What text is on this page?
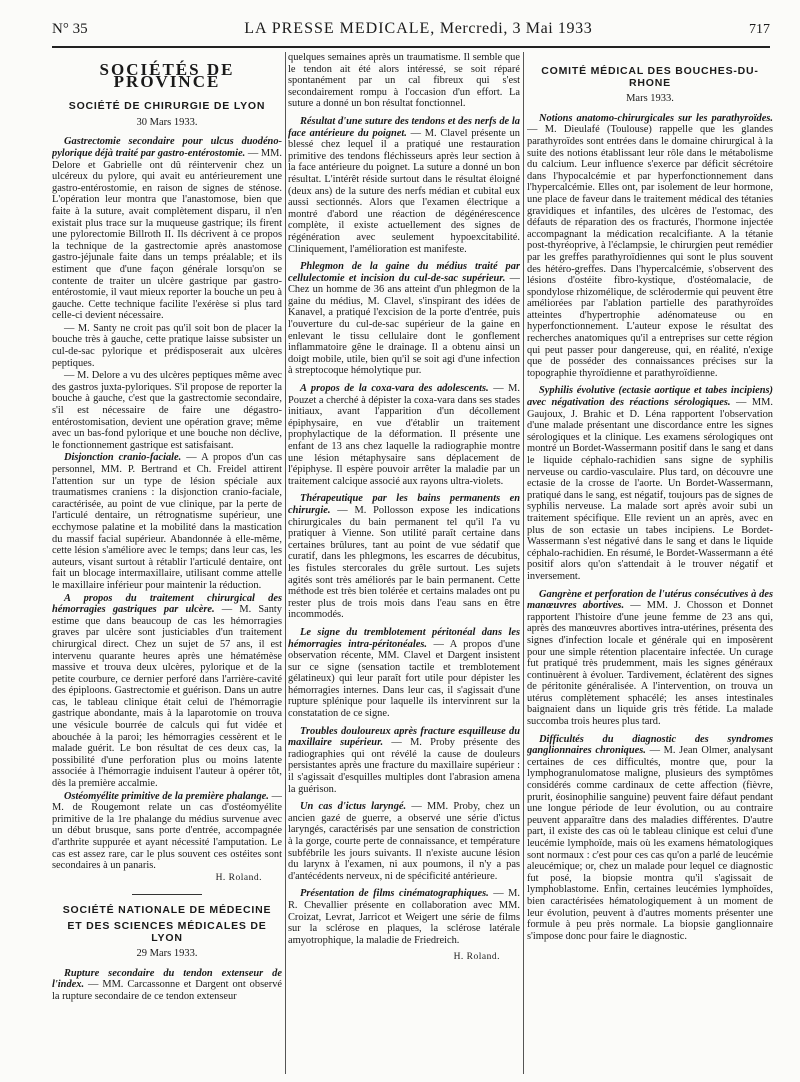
N° 35	LA PRESSE MEDICALE, Mercredi, 3 Mai 1933	717
SOCIÉTÉS DE PROVINCE
SOCIÉTÉ DE CHIRURGIE DE LYON
30 Mars 1933.

Gastrectomie secondaire pour ulcus duodéno-pylorique déjà traité par gastro-entérostomie. — MM. Delore et Gabrielle ont dû réintervenir chez un ulcéreux du pylore, qui avait eu antérieurement une gastro-entérostomie, en raison de signes de sténose. L'opération leur montra que l'anastomose, bien que faite à la suture, avait complètement disparu, il n'en existait plus trace sur la muqueuse gastrique; ils firent une pylorectomie Billroth II. Ils décrivent à ce propos la technique de la gastrectomie après anastomose gastro-jéjunale faite dans un temps préalable; et ils estiment que d'une façon générale lorsqu'on se contente de traiter un ulcère gastrique par gastro-entérostomie, il vaut mieux reporter la bouche un peu à gauche. Cette technique facilite l'exérèse si plus tard celle-ci devient nécessaire.

— M. Santy ne croit pas qu'il soit bon de placer la bouche très à gauche, cette pratique laisse subsister un cul-de-sac pylorique et prédisposerait aux ulcères peptiques.

— M. Delore a vu des ulcères peptiques même avec des gastros juxta-pyloriques. S'il propose de reporter la bouche à gauche, c'est que la gastrectomie secondaire, s'il est nécessaire de faire une dégastro-entérostomisation, devient une opération grave; même avec un bas-fond pylorique et une bouche non déclive, le fonctionnement gastrique est satisfaisant.

Disjonction cranio-faciale. — A propos d'un cas personnel, MM. P. Bertrand et Ch. Freidel attirent l'attention sur un type de lésion spéciale aux traumatismes craniens : la disjonction cranio-faciale, caractérisée, au point de vue clinique, par la perte de l'articulé dentaire, un rétrognatisme supérieur, une ecchymose palatine et la mobilité dans la mastication du massif facial supérieur. Abandonnée à elle-même, cette lésion s'améliore avec le temps; dans leur cas, les auteurs, visant surtout à rétablir l'articulé dentaire, ont fait un blocage intermaxillaire, utilisant comme attelle le maxillaire inférieur pour maintenir la réduction.

A propos du traitement chirurgical des hémorragies gastriques par ulcère. — M. Santy estime que dans beaucoup de cas les hémorragies graves par ulcère sont justiciables d'un traitement chirurgical direct. Chez un sujet de 57 ans, il est intervenu quarante heures après une hématémèse massive et trouva deux ulcères, pylorique et de la petite courbure, ce dernier perforé dans l'arrière-cavité des épiploons. Gastrectomie et guérison. Dans un autre cas, le tableau clinique était celui de l'hémorragie gastrique abondante, mais à la laparotomie on trouva une vésicule bourrée de calculs qui fut vidée et abouchée à la paroi; les hémorragies cessèrent et le malade guérit. Le bon résultat de ces deux cas, la possibilité d'une perforation plus ou moins latente associée à l'hémorragie induisent l'auteur à opérer tôt, dès la première accalmie.

Ostéomyélite primitive de la première phalange. — M. de Rougemont relate un cas d'ostéomyélite primitive de la 1re phalange du médius survenue avec un début brusque, sans porte d'entrée, accompagnée d'arthrite suppurée et ayant nécessité l'amputation. Le cas est assez rare, car le plus souvent ces ostéites sont secondaires à un panaris.

H. Roland.
SOCIÉTÉ NATIONALE DE MÉDECINE
ET DES SCIENCES MÉDICALES DE LYON
29 Mars 1933.

Rupture secondaire du tendon extenseur de l'index. — MM. Carcassonne et Dargent ont observé la rupture secondaire de ce tendon extenseur

quelques semaines après un traumatisme. Il semble que le tendon ait été alors intéressé, se soit réparé spontanément par un cal fibreux qui s'est secondairement rompu à l'occasion d'un effort. La suture a donné un bon résultat fonctionnel.

Résultat d'une suture des tendons et des nerfs de la face antérieure du poignet. — M. Clavel présente un blessé chez lequel il a pratiqué une restauration primitive des tendons fléchisseurs après leur section à la face antérieure du poignet. La suture a donné un bon résultat. L'intérêt réside surtout dans le résultat éloigné (deux ans) de la suture des nerfs médian et cubital eux aussi sectionnés. Alors que l'examen électrique a montré d'abord une réaction de dégénérescence complète, il existe actuellement des signes de régénération avec seulement hypoexcitabilité. Cliniquement, l'amélioration est manifeste.

Phlegmon de la gaine du médius traité par cellulectomie et incision du cul-de-sac supérieur. — Chez un homme de 36 ans atteint d'un phlegmon de la gaine du médius, M. Clavel, s'inspirant des idées de Kanavel, a pratiqué l'excision de la porte d'entrée, puis l'ouverture du cul-de-sac supérieur de la gaine en enlevant le tissu cellulaire dont le gonflement inflammatoire gêne le drainage. Il a obtenu ainsi un doigt mobile, utile, bien qu'il se soit agi d'une infection à streptocoque hémolytique pur.

A propos de la coxa-vara des adolescents. — M. Pouzet a cherché à dépister la coxa-vara dans ses stades initiaux, avant l'apparition d'un décollement épiphysaire, en vue d'établir un traitement prophylactique de la déformation. Il présente une enfant de 13 ans chez laquelle la radiographie montre une lésion métaphysaire sans déplacement de l'épiphyse. Il espère pouvoir arrêter la maladie par un traitement calcique associé aux rayons ultra-violets.

Thérapeutique par les bains permanents en chirurgie. — M. Pollosson expose les indications chirurgicales du bain permanent tel qu'il l'a vu pratiquer à Vienne. Son utilité paraît certaine dans certaines brûlures, tant au point de vue sédatif que curatif, dans les phlegmons, les escarres de décubitus, les fistules stercorales du grêle surtout. Les sujets agités sont très améliorés par le bain permanent. Cette méthode est très bien tolérée et certains malades ont pu rester plus de trois mois dans l'eau sans en être incommodés.

Le signe du tremblotement péritonéal dans les hémorragies intra-péritonéales. — A propos d'une observation récente, MM. Clavel et Dargent insistent sur ce signe (sensation tactile et tremblotement gélatineux) qui leur paraît fort utile pour dépister les hémorragies internes. Dans leur cas, il s'agissait d'une rupture splénique pour laquelle ils intervinrent sur la constatation de ce signe.

Troubles douloureux après fracture esquilleuse du maxillaire supérieur. — M. Proby présente des radiographies qui ont révélé la cause de douleurs persistantes après une fracture du maxillaire supérieur : il s'agissait d'esquilles multiples dont l'abrasion amena la guérison.

Un cas d'ictus laryngé. — MM. Proby, chez un ancien gazé de guerre, a observé une série d'ictus laryngés, caractérisés par une sensation de constriction à la gorge, courte perte de connaissance, et température subfébrile les jours suivants. Il n'existe aucune lésion du larynx à l'examen, ni aux poumons, il n'y a pas d'antécédents nerveux, ni de spécificité antérieure.

Présentation de films cinématographiques. — M. R. Chevallier présente en collaboration avec MM. Croizat, Levrat, Jarricot et Weigert une série de films sur la sclérose en plaques, la sclérose latérale amyotrophique, la maladie de Friedreich.

H. Roland.
COMITÉ MÉDICAL DES BOUCHES-DU-RHONE
Mars 1933.

Notions anatomo-chirurgicales sur les parathyroïdes. — M. Dieulafé (Toulouse) rappelle que les glandes parathyroïdes sont entrées dans le domaine chirurgical à la suite des notions établissant leur rôle dans le métabolisme du calcium. Leur influence s'exerce par déficit sécrétoire dans l'hypocalcémie et par hyperfonctionnement dans l'hypercalcémie. Elles ont, par isolement de leur hormone, une place de faveur dans le traitement médical des tétanies gravidiques et infantiles, des ulcères de l'estomac, des défauts de réparation des os fracturés, l'hormone injectée accompagnant la médication recalcifiante. A la tétanie post-thyréoprive, à l'éclampsie, le chirurgien peut remédier par les greffes parathyroïdiennes qui sont le plus souvent des hétéro-greffes. Dans l'hypercalcémie, s'observent des lésions d'ostéite fibro-kystique, d'ostéomalacie, de spondylose rhizomélique, de sclérodermie qui peuvent être améliorées par l'ablation partielle des parathyroïdes atteintes d'hypertrophie adénomateuse ou en hyperfonctionnement. L'auteur expose le résultat des recherches anatomiques qu'il a entreprises sur cette région qui peut passer pour dangereuse, qui, en réalité, n'exige que de posséder des connaissances précises sur la topographie thyroïdienne et parathyroïdienne.

Syphilis évolutive (ectasie aortique et tabes incipiens) avec négativation des réactions sérologiques. — MM. Gaujoux, J. Brahic et D. Léna rapportent l'observation d'une malade présentant une discordance entre les signes sérologiques et la clinique. Les examens sérologiques ont montré un Bordet-Wassermann positif dans le sang et dans le liquide céphalo-rachidien sans signe de syphilis nerveuse ou cardio-vasculaire. Plus tard, on découvre une ectasie de la crosse de l'aorte. Un Bordet-Wassermann, pratiqué dans le sang, est négatif, toujours pas de signes de syphilis nerveuse. La malade sort après avoir subi un traitement spécifique. Elle revient un an après, avec en plus de son ectasie un tabes incipiens. Le Bordet-Wassermann s'est négativé dans le sang et dans le liquide céphalo-rachidien. En résumé, le Bordet-Wassermann a été positif alors qu'on s'attendait à le trouver négatif et inversement.

Gangrène et perforation de l'utérus consécutives à des manœuvres abortives. — MM. J. Chosson et Donnet rapportent l'histoire d'une jeune femme de 23 ans qui, après des manœuvres abortives intra-utérines, présenta des signes d'infection locale et générale qui en imposèrent pour une simple rétention placentaire infectée. Un curage fut pratiqué très prudemment, mais les signes généraux continuèrent à évoluer. Tardivement, éclatèrent des signes de péritonite généralisée. A l'intervention, on trouva un utérus complètement sphacélé; les anses intestinales baignaient dans un liquide gris très fétide. La malade succomba trois heures plus tard.

Difficultés du diagnostic des syndromes ganglionnaires chroniques. — M. Jean Olmer, analysant certaines de ces difficultés, montre que, pour la lymphogranulomatose maligne, plusieurs des symptômes considérés comme cardinaux de cette affection (fièvre, prurit, éosinophilie sanguine) peuvent faire défaut pendant une longue période de leur évolution, ou au contraire peuvent apparaître dans des maladies différentes. D'autre part, il existe des cas où le tableau clinique est celui d'une leucémie lymphoïde, mais où les examens hématologiques sont normaux : c'est pour ces cas qu'on a parlé de leucémie aleucémique; or, chez un malade pour lequel ce diagnostic fut posé, la biopsie montra qu'il s'agissait de lymphoblastome. Enfin, certaines leucémies lymphoïdes, bien caractérisées hématologiquement à un moment de leur évolution, peuvent à d'autres moments présenter une formule à peu près normale. La biopsie ganglionnaire s'impose donc pour faire le diagnostic.
